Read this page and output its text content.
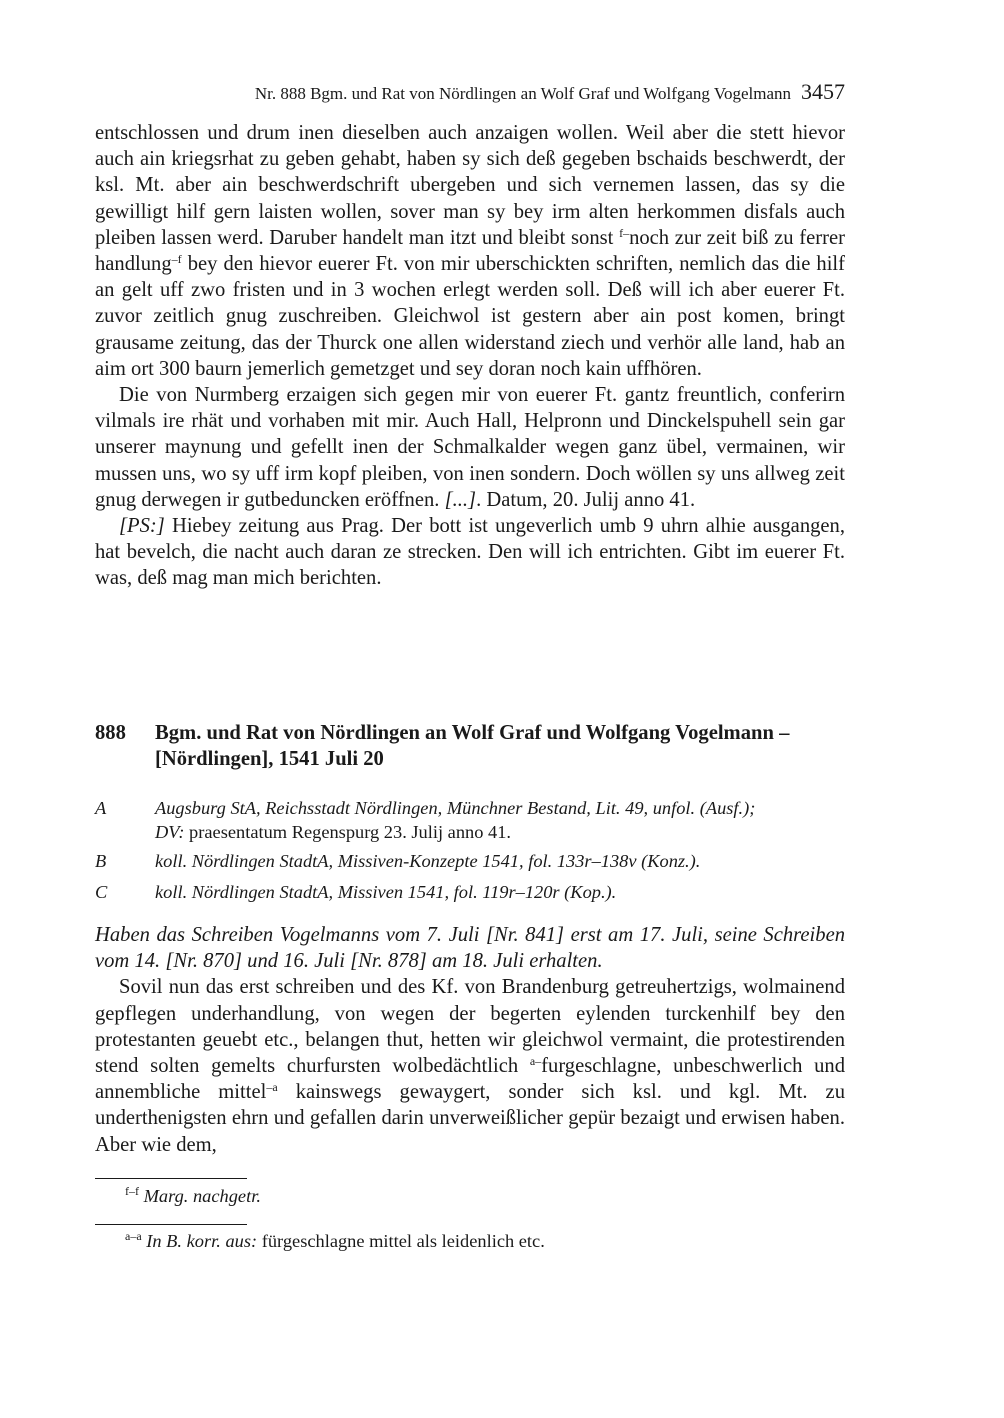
Nr. 888 Bgm. und Rat von Nördlingen an Wolf Graf und Wolfgang Vogelmann 3457

entschlossen und drum inen dieselben auch anzaigen wollen. Weil aber die stett hievor auch ain kriegsrhat zu geben gehabt, haben sy sich deß gegeben bschaids beschwerdt, der ksl. Mt. aber ain beschwerdschrift ubergeben und sich vernemen lassen, das sy die gewilligt hilf gern laisten wollen, sover man sy bey irm alten herkommen disfals auch pleiben lassen werd. Daruber handelt man itzt und bleibt sonst $^{f-}$noch zur zeit biß zu ferrer handlung$^{-f}$ bey den hievor euerer Ft. von mir uberschickten schriften, nemlich das die hilf an gelt uff zwo fristen und in 3 wochen erlegt werden soll. Deß will ich aber euerer Ft. zuvor zeitlich gnug zuschreiben. Gleichwol ist gestern aber ain post komen, bringt grausame zeitung, das der Thurck one allen widerstand ziech und verhör alle land, hab an aim ort 300 baurn jemerlich gemetzget und sey doran noch kain uffhören.

Die von Nurmberg erzaigen sich gegen mir von euerer Ft. gantz freuntlich, conferirn vilmals ire rhät und vorhaben mit mir. Auch Hall, Helpronn und Dinckelspuhell sein gar unserer maynung und gefellt inen der Schmalkalder wegen ganz übel, vermainen, wir mussen uns, wo sy uff irm kopf pleiben, von inen sondern. Doch wöllen sy uns allweg zeit gnug derwegen ir gutbeduncken eröffnen. [...]. Datum, 20. Julij anno 41.

[PS:] Hiebey zeitung aus Prag. Der bott ist ungeverlich umb 9 uhrn alhie ausgangen, hat bevelch, die nacht auch daran ze strecken. Den will ich entrichten. Gibt im euerer Ft. was, deß mag man mich berichten.

888 Bgm. und Rat von Nördlingen an Wolf Graf und Wolfgang Vogelmann – [Nördlingen], 1541 Juli 20
A	Augsburg StA, Reichsstadt Nördlingen, Münchner Bestand, Lit. 49, unfol. (Ausf.);
DV: praesentatum Regenspurg 23. Julij anno 41.
B	koll. Nördlingen StadtA, Missiven-Konzepte 1541, fol. 133r–138v (Konz.).
C	koll. Nördlingen StadtA, Missiven 1541, fol. 119r–120r (Kop.).

Haben das Schreiben Vogelmanns vom 7. Juli [Nr. 841] erst am 17. Juli, seine Schreiben vom 14. [Nr. 870] und 16. Juli [Nr. 878] am 18. Juli erhalten.

Sovil nun das erst schreiben und des Kf. von Brandenburg getreuhertzigs, wolmainend gepflegen underhandlung, von wegen der begerten eylenden turckenhilf bey den protestanten geuebt etc., belangen thut, hetten wir gleichwol vermaint, die protestirenden stend solten gemelts churfursten wolbedächtlich $^{a-}$furgeschlagne, unbeschwerlich und annembliche mittel$^{-a}$ kainswegs gewaygert, sonder sich ksl. und kgl. Mt. zu underthenigsten ehrn und gefallen darin unverweißlicher gepür bezaigt und erwisen haben. Aber wie dem,

$^{f-f}$ Marg. nachgetr.
$^{a-a}$ In B. korr. aus: fürgeschlagne mittel als leidenlich etc.
